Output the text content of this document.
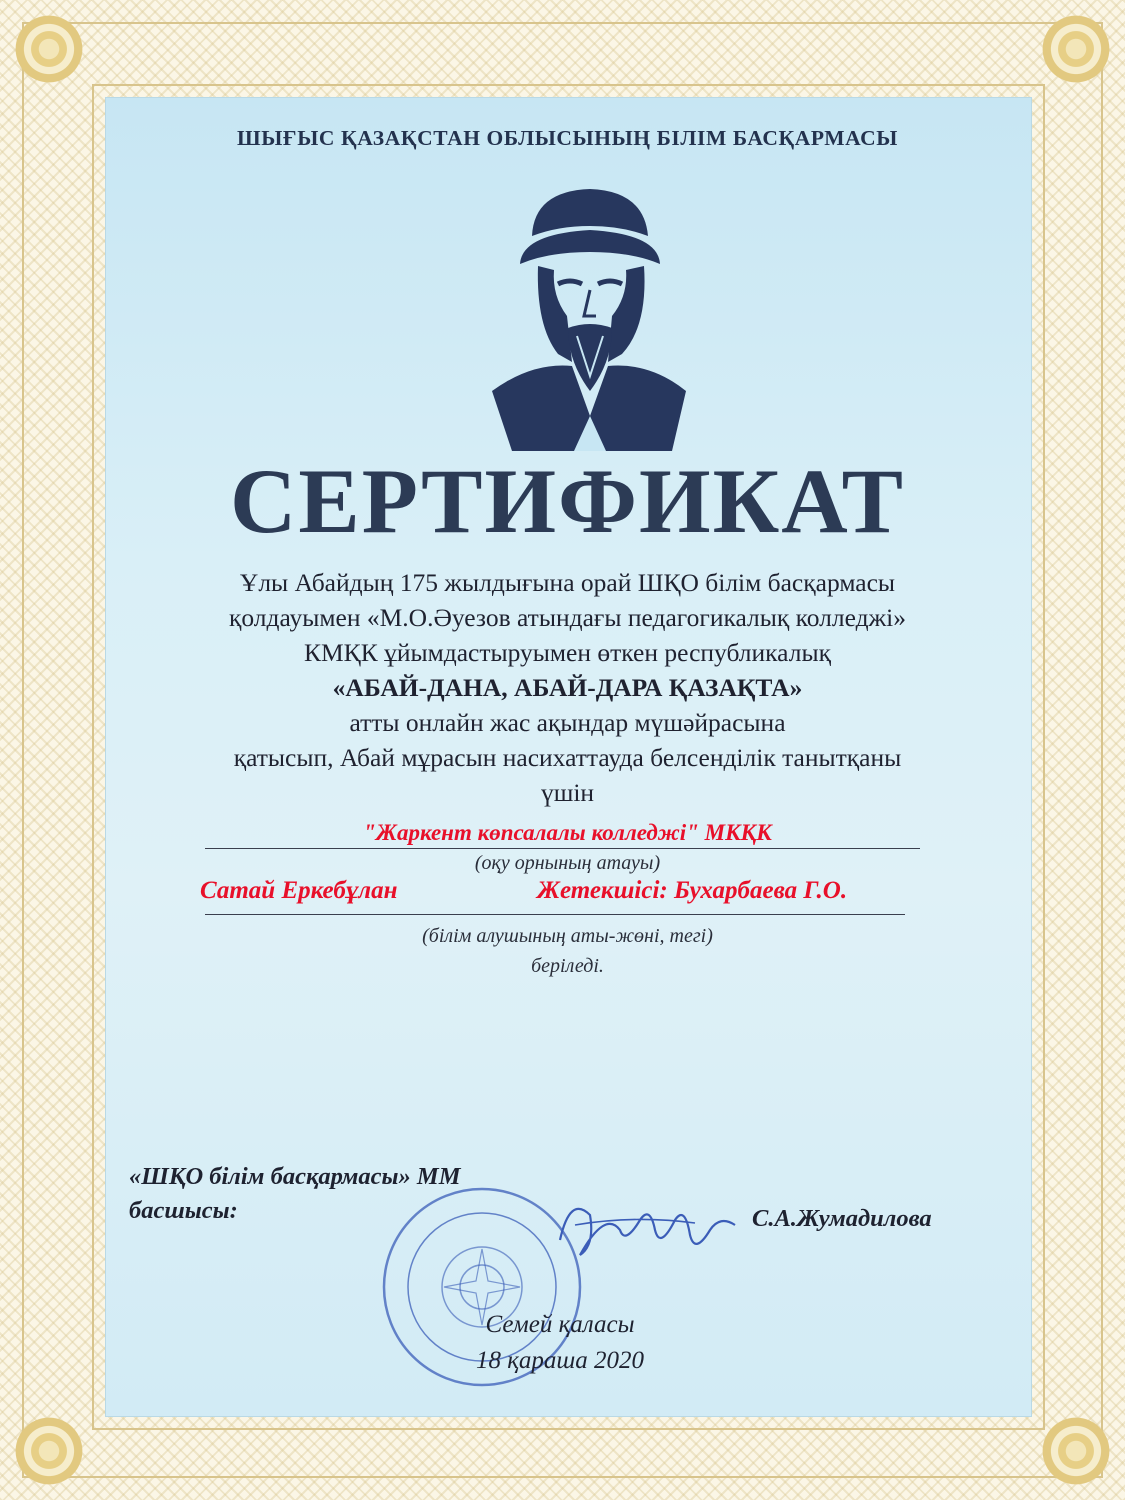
ШЫҒЫС ҚАЗАҚСТАН ОБЛЫСЫНЫҢ БІЛІМ БАСҚАРМАСЫ
СЕРТИФИКАТ
Ұлы Абайдың 175 жылдығына орай ШҚО білім басқармасы
қолдауымен «М.О.Әуезов атындағы педагогикалық колледжі»
КМҚК ұйымдастыруымен өткен республикалық
«АБАЙ-ДАНА, АБАЙ-ДАРА ҚАЗАҚТА»
атты онлайн жас ақындар мүшәйрасына
қатысып, Абай мұрасын насихаттауда белсенділік танытқаны
үшін
"Жаркент көпсалалы колледжі" МКҚК
(оқу орнының атауы)
Сатай Еркебұлан	Жетекшісі: Бухарбаева Г.О.
(білім алушының аты-жөні, тегі)
беріледі.
«ШҚО білім басқармасы» ММ
басшысы:	С.А.Жумадилова
Семей қаласы
18 қараша 2020
